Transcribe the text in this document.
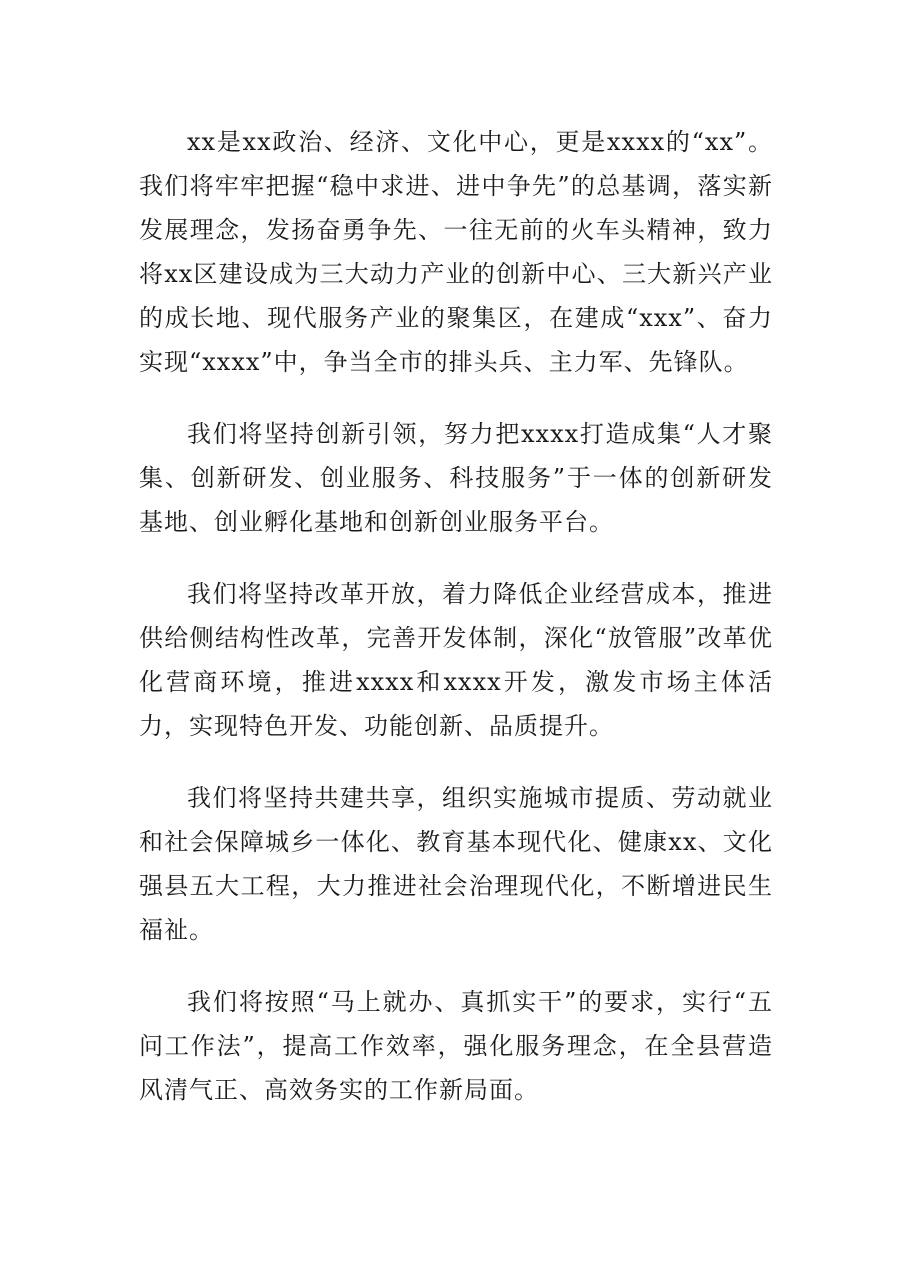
xx是xx政治、经济、文化中心，更是xxxx的“xx”。我们将牢牢把握“稳中求进、进中争先”的总基调，落实新发展理念，发扬奋勇争先、一往无前的火车头精神，致力将xx区建设成为三大动力产业的创新中心、三大新兴产业的成长地、现代服务产业的聚集区，在建成“xxx”、奋力实现“xxxx”中，争当全市的排头兵、主力军、先锋队。

我们将坚持创新引领，努力把xxxx打造成集“人才聚集、创新研发、创业服务、科技服务”于一体的创新研发基地、创业孵化基地和创新创业服务平台。

我们将坚持改革开放，着力降低企业经营成本，推进供给侧结构性改革，完善开发体制，深化“放管服”改革优化营商环境，推进xxxx和xxxx开发，激发市场主体活力，实现特色开发、功能创新、品质提升。

我们将坚持共建共享，组织实施城市提质、劳动就业和社会保障城乡一体化、教育基本现代化、健康xx、文化强县五大工程，大力推进社会治理现代化，不断增进民生福祉。

我们将按照“马上就办、真抓实干”的要求，实行“五问工作法”，提高工作效率，强化服务理念，在全县营造风清气正、高效务实的工作新局面。
